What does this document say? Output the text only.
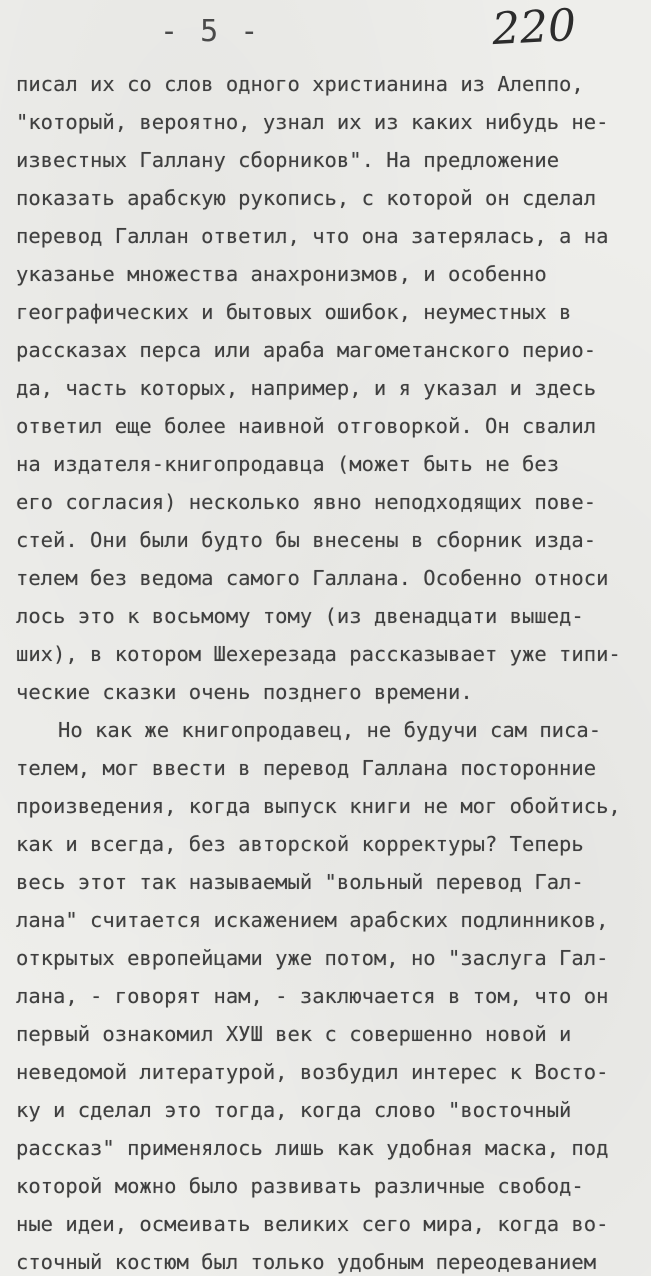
- 5 -	220
писал их со слов одного христианина из Алеппо,
"который, вероятно, узнал их из каких нибудь не-
известных Галлану сборников". На предложение
показать арабскую рукопись, с которой он сделал
перевод Галлан ответил, что она затерялась, а на
указанье множества анахронизмов, и особенно
географических и бытовых ошибок, неуместных в
рассказах перса или араба магометанского перио-
да, часть которых, например, и я указал и здесь
ответил еще более наивной отговоркой. Он свалил
на издателя-книгопродавца (может быть не без
его согласия) несколько явно неподходящих пове-
стей. Они были будто бы внесены в сборник изда-
телем без ведома самого Галлана. Особенно относи
лось это к восьмому тому (из двенадцати вышед-
ших), в котором Шехерезада рассказывает уже типи-
ческие сказки очень позднего времени.
Но как же книгопродавец, не будучи сам писа-
телем, мог ввести в перевод Галлана посторонние
произведения, когда выпуск книги не мог обойтись,
как и всегда, без авторской корректуры? Теперь
весь этот так называемый "вольный перевод Гал-
лана" считается искажением арабских подлинников,
открытых европейцами уже потом, но "заслуга Гал-
лана, - говорят нам, - заключается в том, что он
первый ознакомил ХУШ век с совершенно новой и
неведомой литературой, возбудил интерес к Восто-
ку и сделал это тогда, когда слово "восточный
рассказ" применялось лишь как удобная маска, под
которой можно было развивать различные свобод-
ные идеи, осмеивать великих сего мира, когда во-
сточный костюм был только удобным переодеванием
